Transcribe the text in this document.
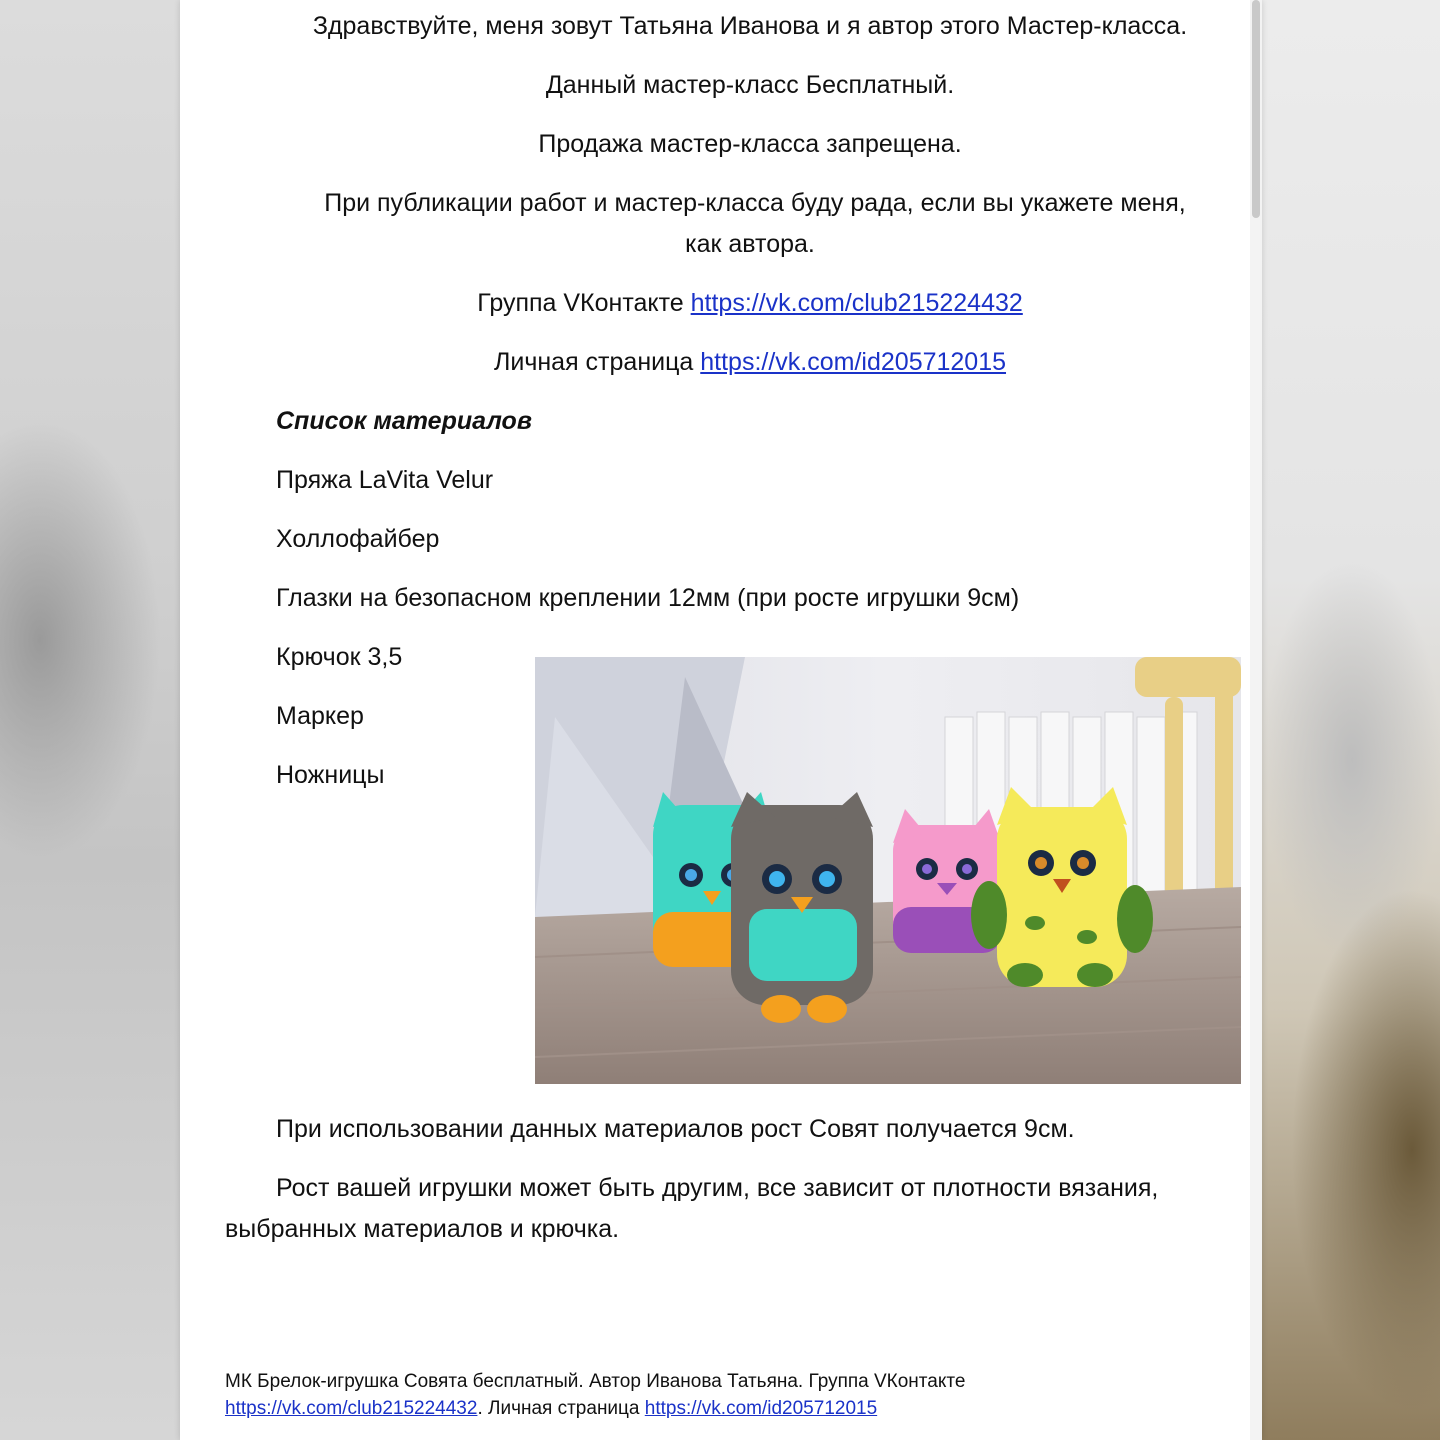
Здравствуйте, меня зовут Татьяна Иванова и я автор этого Мастер-класса.
Данный мастер-класс Бесплатный.
Продажа мастер-класса запрещена.
При публикации работ и мастер-класса буду рада, если вы укажете меня,
как автора.
Группа VКонтакте https://vk.com/club215224432
Личная страница https://vk.com/id205712015
Список материалов
Пряжа LaVita Velur
Холлофайбер
Глазки на безопасном креплении 12мм (при росте игрушки 9см)
Крючок 3,5
Маркер
Ножницы
При использовании данных материалов рост Совят получается 9см.
Рост вашей игрушки может быть другим, все зависит от плотности вязания,
выбранных материалов и крючка.
МК Брелок-игрушка Совята бесплатный. Автор Иванова Татьяна. Группа VКонтакте
https://vk.com/club215224432. Личная страница https://vk.com/id205712015
